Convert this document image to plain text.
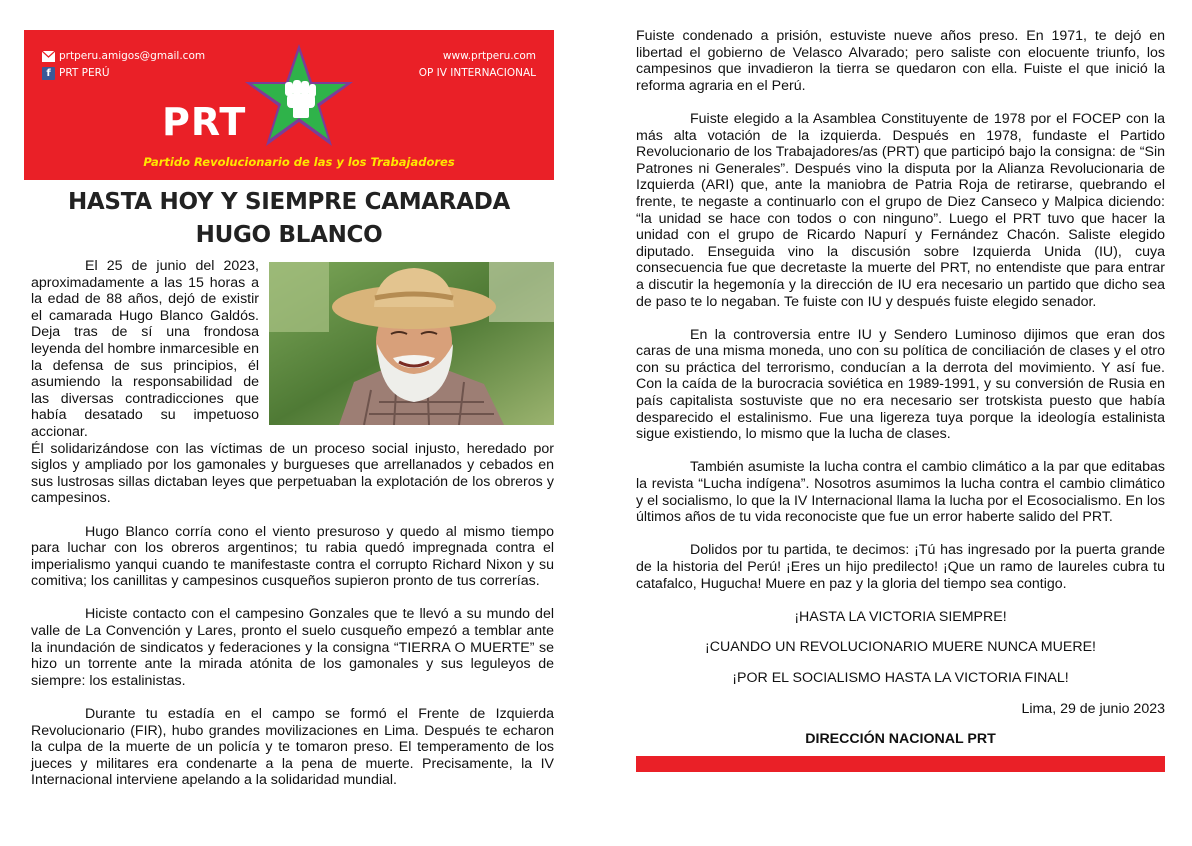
prtperu.amigos@gmail.com
f PRT PERÚ
www.prtperu.com
OP IV INTERNACIONAL
PRT
Partido Revolucionario de las y los Trabajadores
HASTA HOY Y SIEMPRE CAMARADA
HUGO BLANCO

El 25 de junio del 2023, aproximadamente a las 15 horas a la edad de 88 años, dejó de existir el camarada Hugo Blanco Galdós. Deja tras de sí una frondosa leyenda del hombre inmarcesible en la defensa de sus principios, él asumiendo la responsabilidad de las diversas contradicciones que había desatado su impetuoso accionar.

Él solidarizándose con las víctimas de un proceso social injusto, heredado por siglos y ampliado por los gamonales y burgueses que arrellanados y cebados en sus lustrosas sillas dictaban leyes que perpetuaban la explotación de los obreros y campesinos.

Hugo Blanco corría cono el viento presuroso y quedo al mismo tiempo para luchar con los obreros argentinos; tu rabia quedó impregnada contra el imperialismo yanqui cuando te manifestaste contra el corrupto Richard Nixon y su comitiva; los canillitas y campesinos cusqueños supieron pronto de tus correrías.

Hiciste contacto con el campesino Gonzales que te llevó a su mundo del valle de La Convención y Lares, pronto el suelo cusqueño empezó a temblar ante la inundación de sindicatos y federaciones y la consigna “TIERRA O MUERTE” se hizo un torrente ante la mirada atónita de los gamonales y sus leguleyos de siempre: los estalinistas.

Durante tu estadía en el campo se formó el Frente de Izquierda Revolucionario (FIR), hubo grandes movilizaciones en Lima. Después te echaron la culpa de la muerte de un policía y te tomaron preso. El temperamento de los jueces y militares era condenarte a la pena de muerte. Precisamente, la IV Internacional interviene apelando a la solidaridad mundial.

Fuiste condenado a prisión, estuviste nueve años preso. En 1971, te dejó en libertad el gobierno de Velasco Alvarado; pero saliste con elocuente triunfo, los campesinos que invadieron la tierra se quedaron con ella. Fuiste el que inició la reforma agraria en el Perú.

Fuiste elegido a la Asamblea Constituyente de 1978 por el FOCEP con la más alta votación de la izquierda. Después en 1978, fundaste el Partido Revolucionario de los Trabajadores/as (PRT) que participó bajo la consigna: de “Sin Patrones ni Generales”. Después vino la disputa por la Alianza Revolucionaria de Izquierda (ARI) que, ante la maniobra de Patria Roja de retirarse, quebrando el frente, te negaste a continuarlo con el grupo de Diez Canseco y Malpica diciendo: “la unidad se hace con todos o con ninguno”. Luego el PRT tuvo que hacer la unidad con el grupo de Ricardo Napurí y Fernández Chacón. Saliste elegido diputado. Enseguida vino la discusión sobre Izquierda Unida (IU), cuya consecuencia fue que decretaste la muerte del PRT, no entendiste que para entrar a discutir la hegemonía y la dirección de IU era necesario un partido que dicho sea de paso te lo negaban. Te fuiste con IU y después fuiste elegido senador.

En la controversia entre IU y Sendero Luminoso dijimos que eran dos caras de una misma moneda, uno con su política de conciliación de clases y el otro con su práctica del terrorismo, conducían a la derrota del movimiento. Y así fue. Con la caída de la burocracia soviética en 1989-1991, y su conversión de Rusia en país capitalista sostuviste que no era necesario ser trotskista puesto que había desparecido el estalinismo. Fue una ligereza tuya porque la ideología estalinista sigue existiendo, lo mismo que la lucha de clases.

También asumiste la lucha contra el cambio climático a la par que editabas la revista “Lucha indígena”. Nosotros asumimos la lucha contra el cambio climático y el socialismo, lo que la IV Internacional llama la lucha por el Ecosocialismo. En los últimos años de tu vida reconociste que fue un error haberte salido del PRT.

Dolidos por tu partida, te decimos: ¡Tú has ingresado por la puerta grande de la historia del Perú! ¡Eres un hijo predilecto! ¡Que un ramo de laureles cubra tu catafalco, Hugucha! Muere en paz y la gloria del tiempo sea contigo.

¡HASTA LA VICTORIA SIEMPRE!

¡CUANDO UN REVOLUCIONARIO MUERE NUNCA MUERE!

¡POR EL SOCIALISMO HASTA LA VICTORIA FINAL!

Lima, 29 de junio 2023

DIRECCIÓN NACIONAL PRT
